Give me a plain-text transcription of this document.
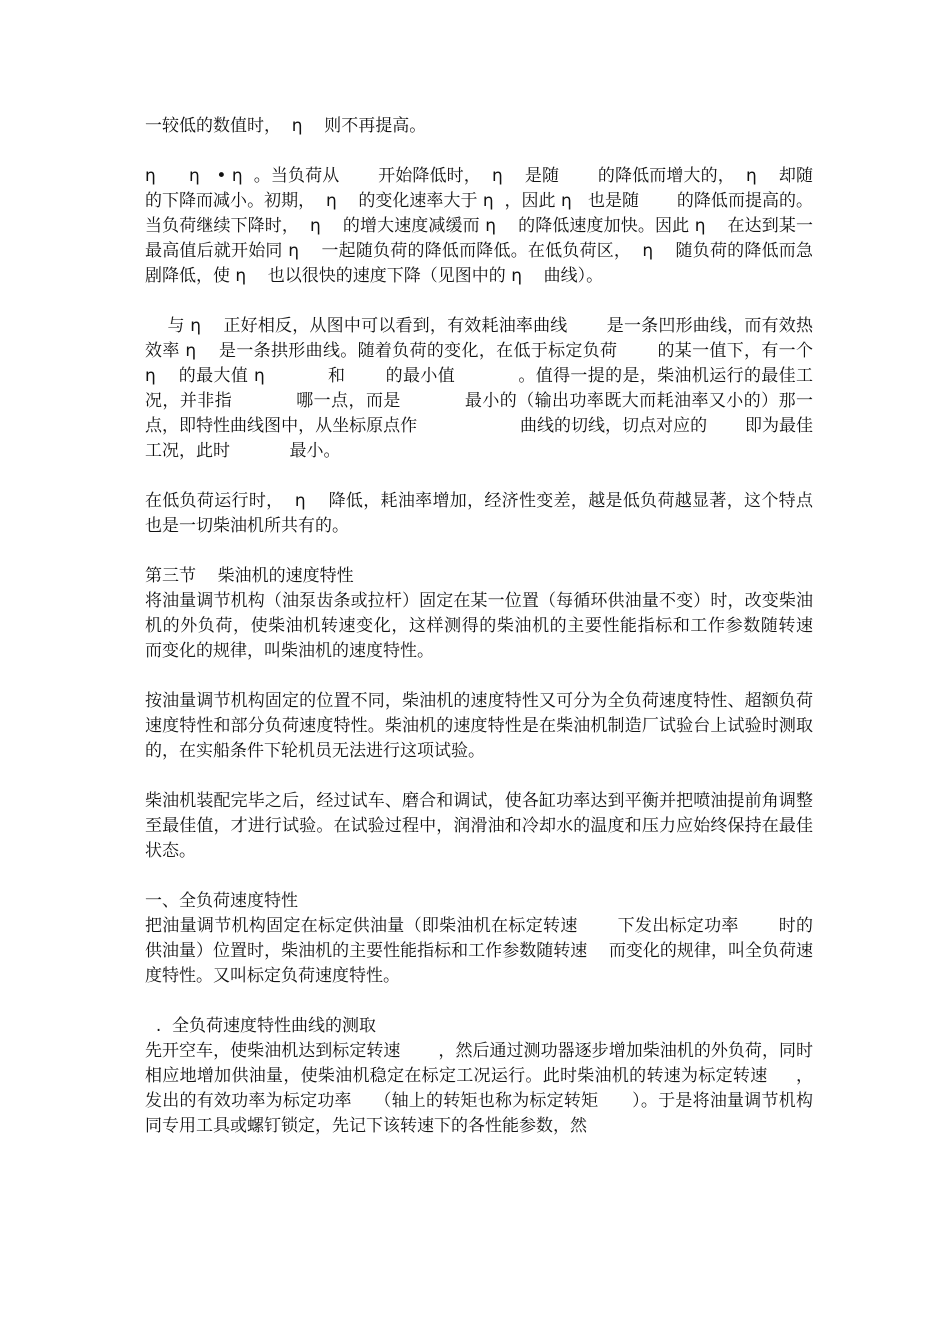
一较低的数值时，  η    则不再提高。

η      η   • η  。当负荷从       开始降低时，  η    是随       的降低而增大的，  η    却随       的下降而减小。初期，  η    的变化速率大于 η  ，因此 η   也是随       的降低而提高的。当负荷继续下降时，  η    的增大速度减缓而 η    的降低速度加快。因此 η    在达到某一最高值后就开始同 η    一起随负荷的降低而降低。在低负荷区，  η    随负荷的降低而急剧降低，使 η    也以很快的速度下降（见图中的 η    曲线）。

与 η    正好相反，从图中可以看到，有效耗油率曲线       是一条凹形曲线，而有效热效率 η    是一条拱形曲线。随着负荷的变化，在低于标定负荷       的某一值下，有一个 η    的最大值 η           和       的最小值           。值得一提的是，柴油机运行的最佳工况，并非指           哪一点，而是           最小的（输出功率既大而耗油率又小的）那一点，即特性曲线图中，从坐标原点作                   曲线的切线，切点对应的       即为最佳工况，此时           最小。

在低负荷运行时，  η    降低，耗油率增加，经济性变差，越是低负荷越显著，这个特点也是一切柴油机所共有的。

第三节    柴油机的速度特性

将油量调节机构（油泵齿条或拉杆）固定在某一位置（每循环供油量不变）时，改变柴油机的外负荷，使柴油机转速变化，这样测得的柴油机的主要性能指标和工作参数随转速    而变化的规律，叫柴油机的速度特性。

按油量调节机构固定的位置不同，柴油机的速度特性又可分为全负荷速度特性、超额负荷速度特性和部分负荷速度特性。柴油机的速度特性是在柴油机制造厂试验台上试验时测取的，在实船条件下轮机员无法进行这项试验。

柴油机装配完毕之后，经过试车、磨合和调试，使各缸功率达到平衡并把喷油提前角调整至最佳值，才进行试验。在试验过程中，润滑油和冷却水的温度和压力应始终保持在最佳状态。

一、全负荷速度特性

把油量调节机构固定在标定供油量（即柴油机在标定转速       下发出标定功率       时的供油量）位置时，柴油机的主要性能指标和工作参数随转速    而变化的规律，叫全负荷速度特性。又叫标定负荷速度特性。

.  全负荷速度特性曲线的测取

先开空车，使柴油机达到标定转速       ，然后通过测功器逐步增加柴油机的外负荷，同时相应地增加供油量，使柴油机稳定在标定工况运行。此时柴油机的转速为标定转速     ，发出的有效功率为标定功率    （轴上的转矩也称为标定转矩      ）。于是将油量调节机构同专用工具或螺钉锁定，先记下该转速下的各性能参数，然
